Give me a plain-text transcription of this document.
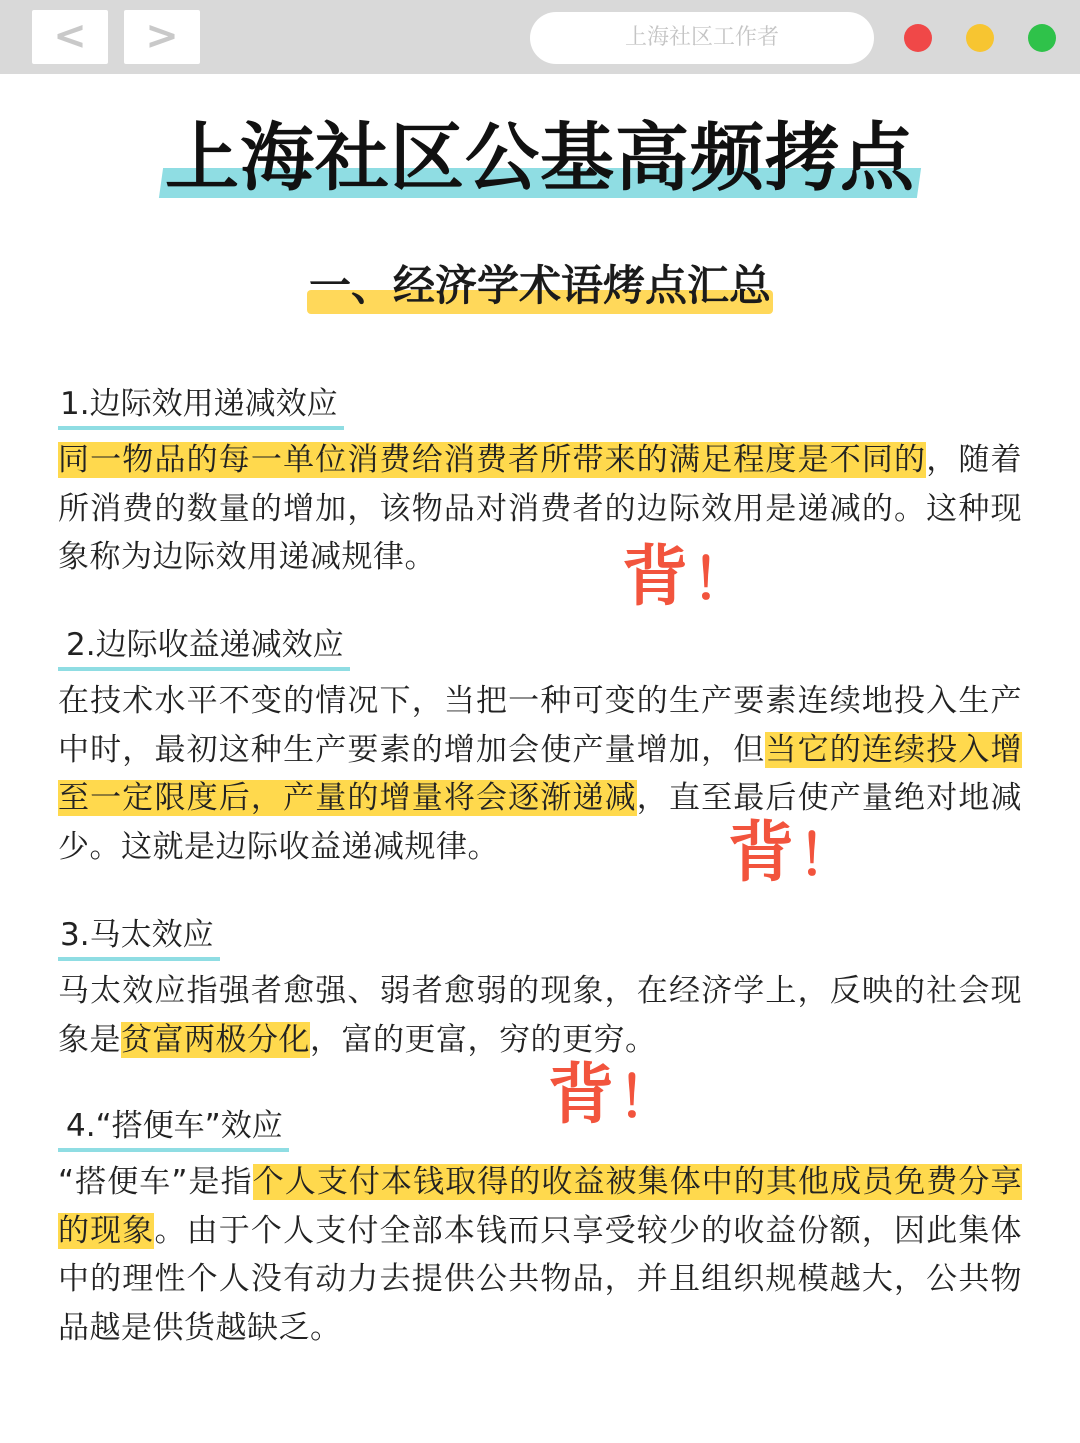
<	>	上海社区工作者
上海社区公基高频拷点
一、经济学术语烤点汇总
1.边际效用递减效应

同一物品的每一单位消费给消费者所带来的满足程度是不同的，随着所消费的数量的增加，该物品对消费者的边际效用是递减的。这种现象称为边际效用递减规律。

2.边际收益递减效应

在技术水平不变的情况下，当把一种可变的生产要素连续地投入生产中时，最初这种生产要素的增加会使产量增加，但当它的连续投入增至一定限度后，产量的增量将会逐渐递减，直至最后使产量绝对地减少。这就是边际收益递减规律。

3.马太效应

马太效应指强者愈强、弱者愈弱的现象，在经济学上，反映的社会现象是贫富两极分化，富的更富，穷的更穷。

4.“搭便车”效应

“搭便车”是指个人支付本钱取得的收益被集体中的其他成员免费分享的现象。由于个人支付全部本钱而只享受较少的收益份额，因此集体中的理性个人没有动力去提供公共物品，并且组织规模越大，公共物品越是供货越缺乏。

背！
背！
背！
